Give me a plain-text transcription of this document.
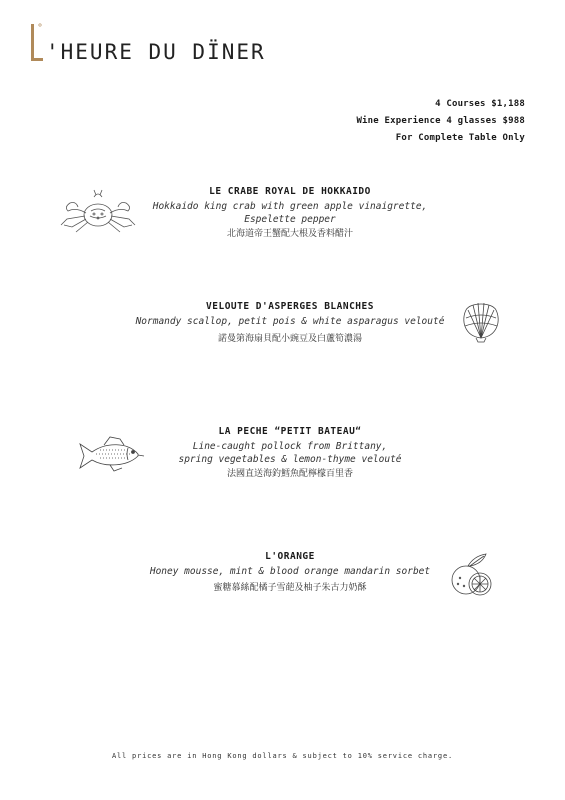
'HEURE DU DÏNER
4 Courses $1,188
Wine Experience 4 glasses $988
For Complete Table Only
LE CRABE ROYAL DE HOKKAIDO
Hokkaido king crab with green apple vinaigrette,
Espelette pepper
北海道帝王蟹配大根及香料醋汁
VELOUTE D'ASPERGES BLANCHES
Normandy scallop, petit pois & white asparagus velouté
諾曼第海扇貝配小豌豆及白蘆筍濃湯
LA PECHE “PETIT BATEAU“
Line-caught pollock from Brittany,
spring vegetables & lemon-thyme velouté
法國直送海釣鱈魚配檸檬百里香
L'ORANGE
Honey mousse, mint & blood orange mandarin sorbet
蜜糖慕絲配橘子雪葩及柚子朱古力奶酥
All prices are in Hong Kong dollars & subject to 10% service charge.
